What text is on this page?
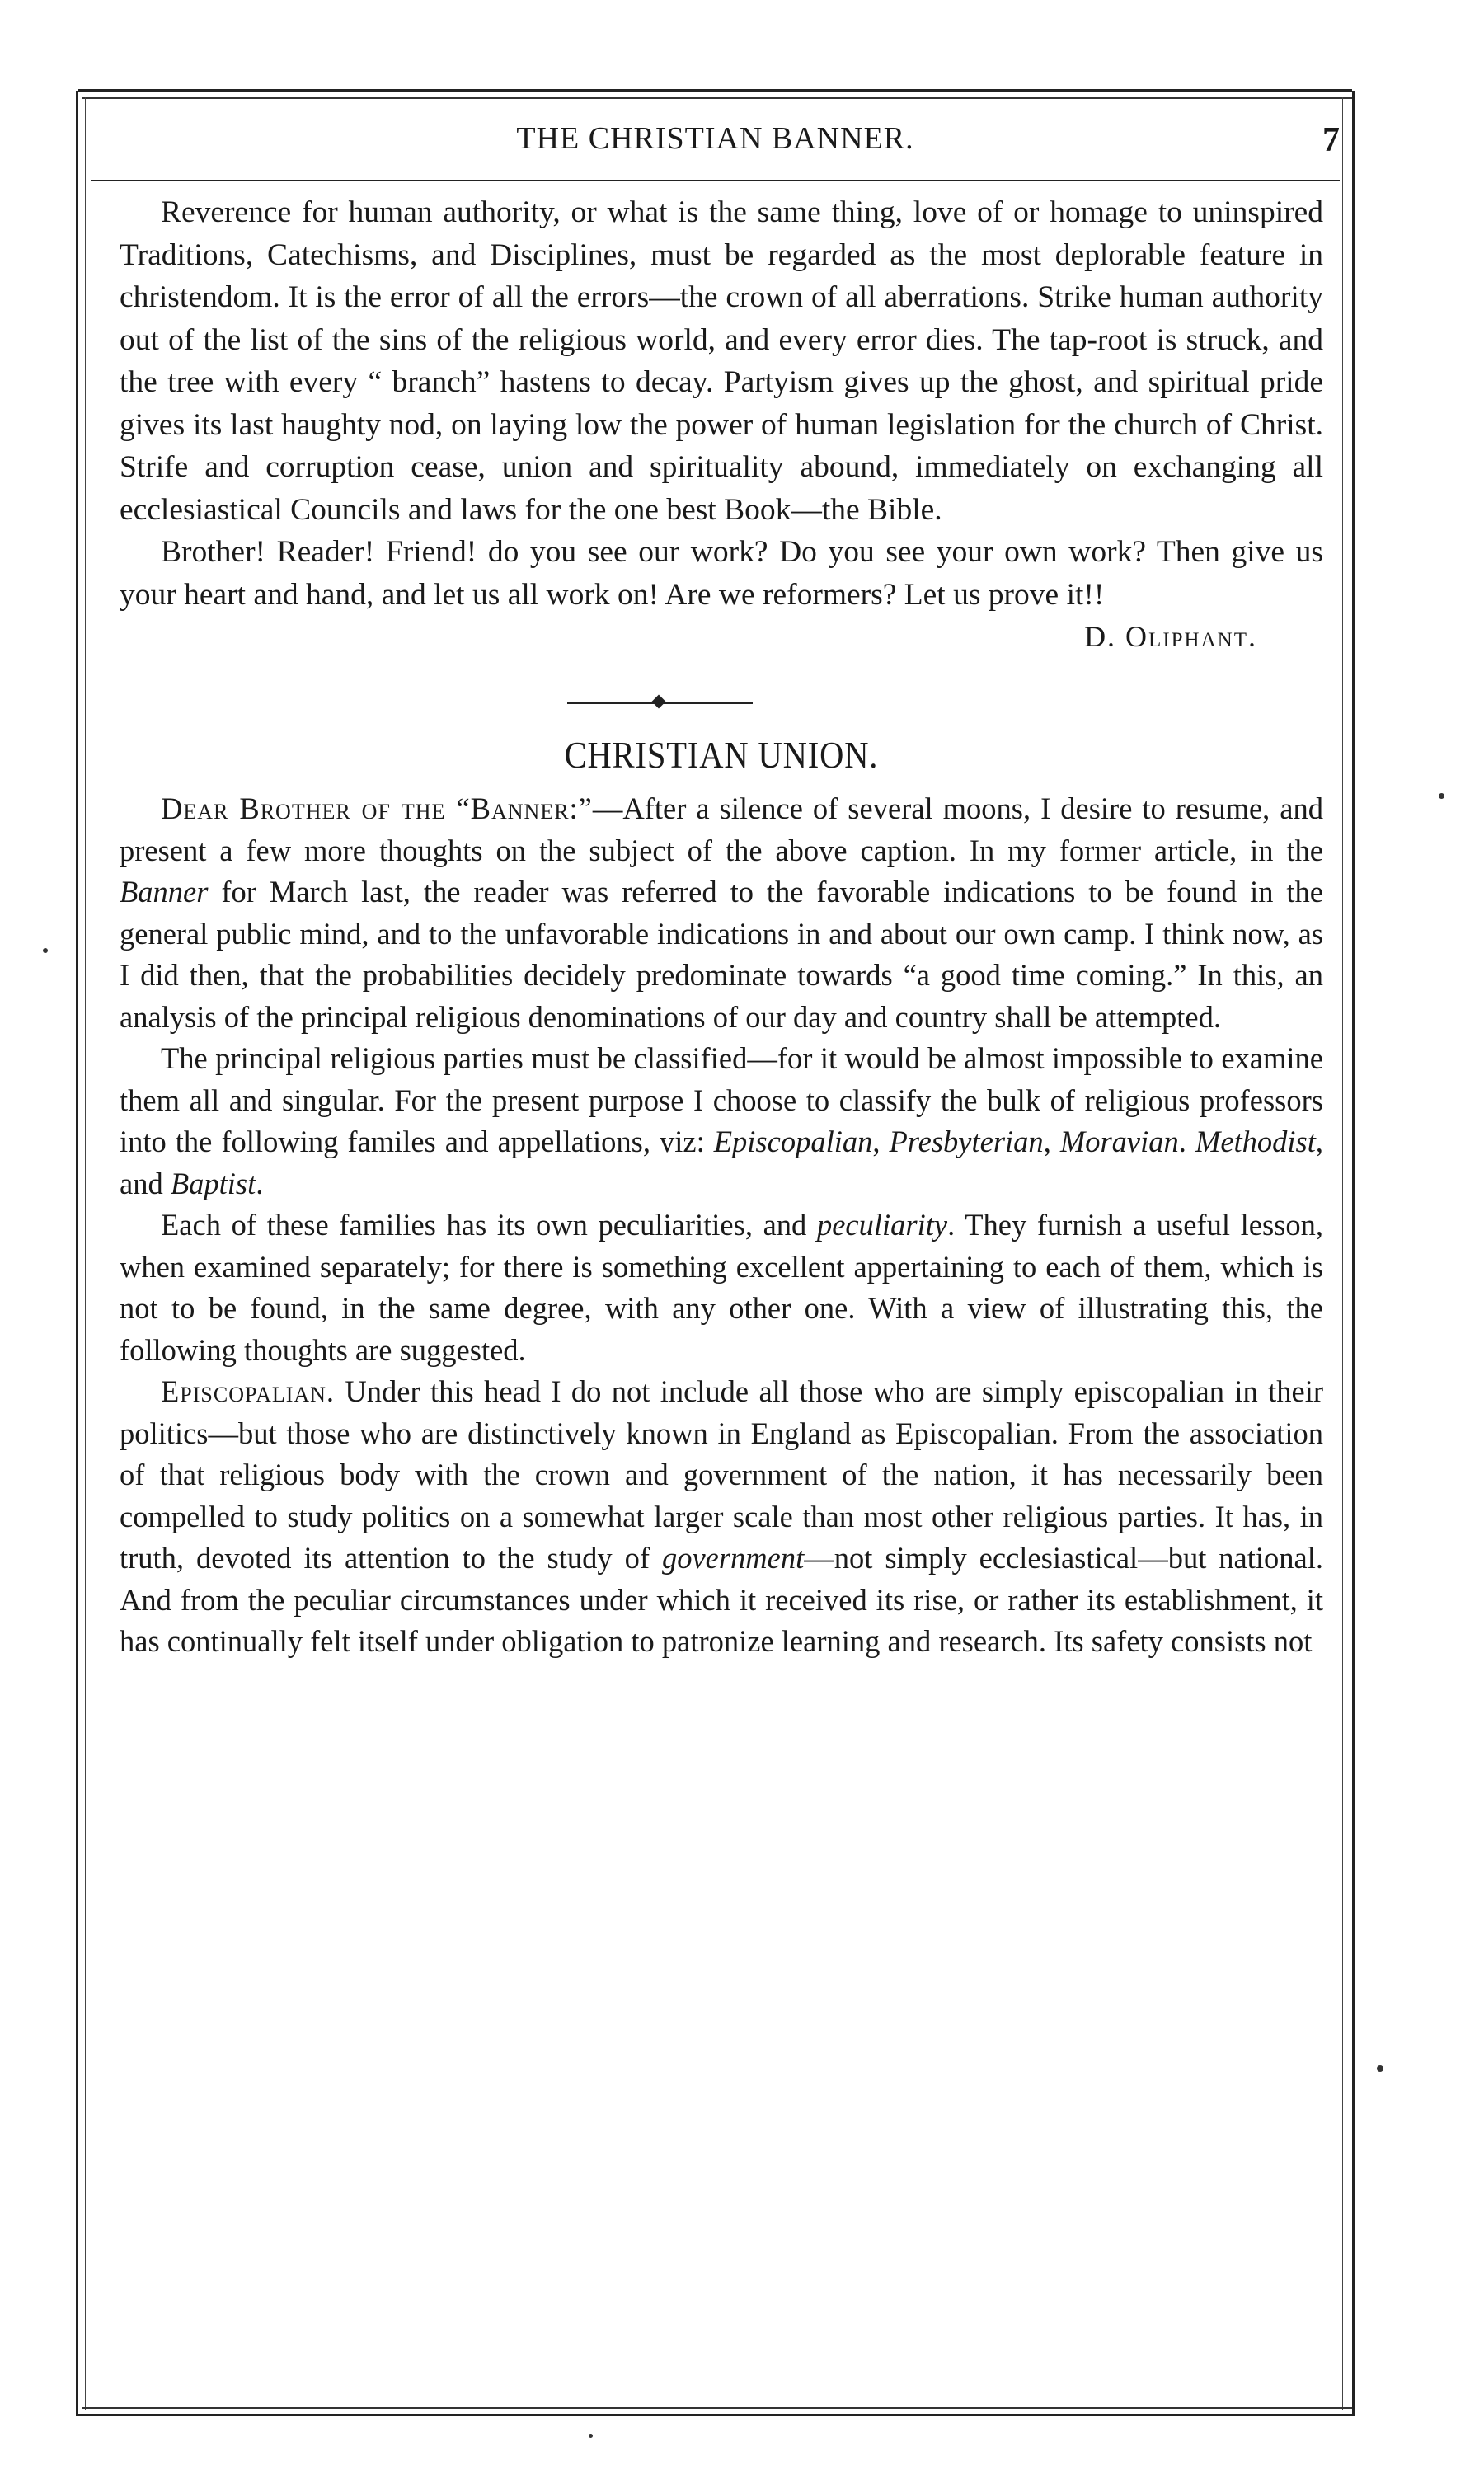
THE CHRISTIAN BANNER.	7

Reverence for human authority, or what is the same thing, love of or homage to uninspired Traditions, Catechisms, and Disciplines, must be regarded as the most deplorable feature in christendom. It is the error of all the errors—the crown of all aberrations. Strike human authority out of the list of the sins of the religious world, and every error dies. The tap-root is struck, and the tree with every “ branch” hastens to decay. Partyism gives up the ghost, and spiritual pride gives its last haughty nod, on laying low the power of human legislation for the church of Christ. Strife and corruption cease, union and spirituality abound, immediately on exchanging all ecclesiastical Councils and laws for the one best Book—the Bible.

Brother! Reader! Friend! do you see our work? Do you see your own work? Then give us your heart and hand, and let us all work on! Are we reformers? Let us prove it!!

D. Oliphant.
CHRISTIAN UNION.

Dear Brother of the “Banner:”—After a silence of several moons, I desire to resume, and present a few more thoughts on the subject of the above caption. In my former article, in the Banner for March last, the reader was referred to the favorable indications to be found in the general public mind, and to the unfavorable indications in and about our own camp. I think now, as I did then, that the probabilities decidely predominate towards “a good time coming.” In this, an analysis of the principal religious denominations of our day and country shall be attempted.

The principal religious parties must be classified—for it would be almost impossible to examine them all and singular. For the present purpose I choose to classify the bulk of religious professors into the following familes and appellations, viz: Episcopalian, Presbyterian, Moravian. Methodist, and Baptist.

Each of these families has its own peculiarities, and peculiarity. They furnish a useful lesson, when examined separately; for there is something excellent appertaining to each of them, which is not to be found, in the same degree, with any other one. With a view of illustrating this, the following thoughts are suggested.

Episcopalian. Under this head I do not include all those who are simply episcopalian in their politics—but those who are distinctively known in England as Episcopalian. From the association of that religious body with the crown and government of the nation, it has necessarily been compelled to study politics on a somewhat larger scale than most other religious parties. It has, in truth, devoted its attention to the study of government—not simply ecclesiastical—but national. And from the peculiar circumstances under which it received its rise, or rather its establishment, it has continually felt itself under obligation to patronize learning and research. Its safety consists not
